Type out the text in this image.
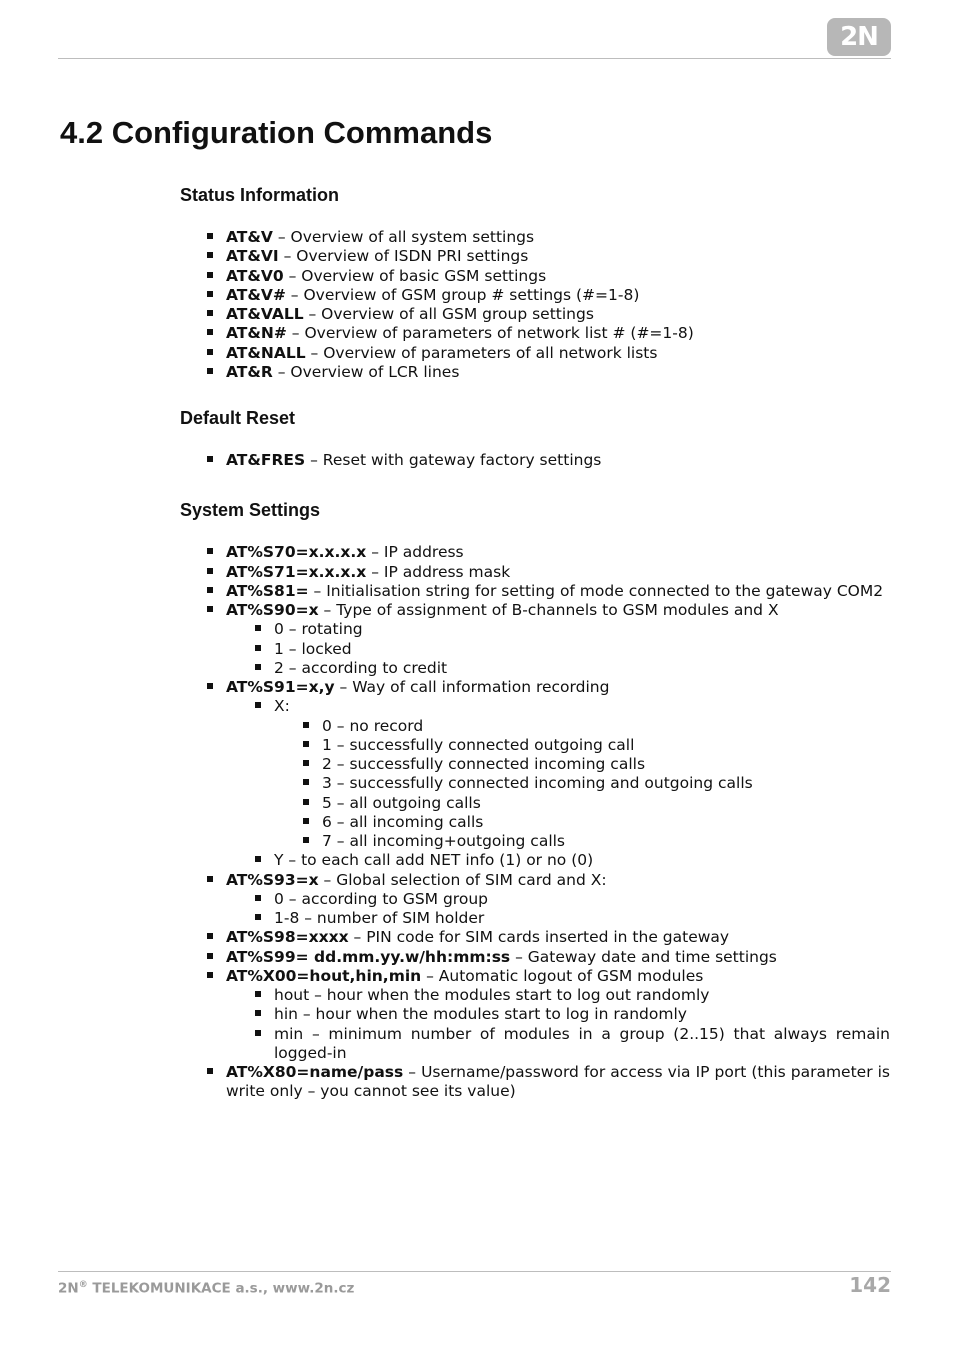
2N
4.2 Configuration Commands
Status Information
AT&V – Overview of all system settings
AT&VI – Overview of ISDN PRI settings
AT&V0 – Overview of basic GSM settings
AT&V# – Overview of GSM group # settings (#=1-8)
AT&VALL – Overview of all GSM group settings
AT&N# – Overview of parameters of network list # (#=1-8)
AT&NALL – Overview of parameters of all network lists
AT&R – Overview of LCR lines
Default Reset
AT&FRES – Reset with gateway factory settings
System Settings
AT%S70=x.x.x.x – IP address
AT%S71=x.x.x.x – IP address mask
AT%S81= – Initialisation string for setting of mode connected to the gateway COM2
AT%S90=x – Type of assignment of B-channels to GSM modules and X
0 – rotating
1 – locked
2 – according to credit
AT%S91=x,y – Way of call information recording
X:
0 – no record
1 – successfully connected outgoing call
2 – successfully connected incoming calls
3 – successfully connected incoming and outgoing calls
5 – all outgoing calls
6 – all incoming calls
7 – all incoming+outgoing calls
Y – to each call add NET info (1) or no (0)
AT%S93=x – Global selection of SIM card and X:
0 – according to GSM group
1-8 – number of SIM holder
AT%S98=xxxx – PIN code for SIM cards inserted in the gateway
AT%S99= dd.mm.yy.w/hh:mm:ss – Gateway date and time settings
AT%X00=hout,hin,min – Automatic logout of GSM modules
hout – hour when the modules start to log out randomly
hin – hour when the modules start to log in randomly
min – minimum number of modules in a group (2..15) that always remain logged-in
AT%X80=name/pass – Username/password for access via IP port (this parameter is write only – you cannot see its value)
2N® TELEKOMUNIKACE a.s., www.2n.cz	142
